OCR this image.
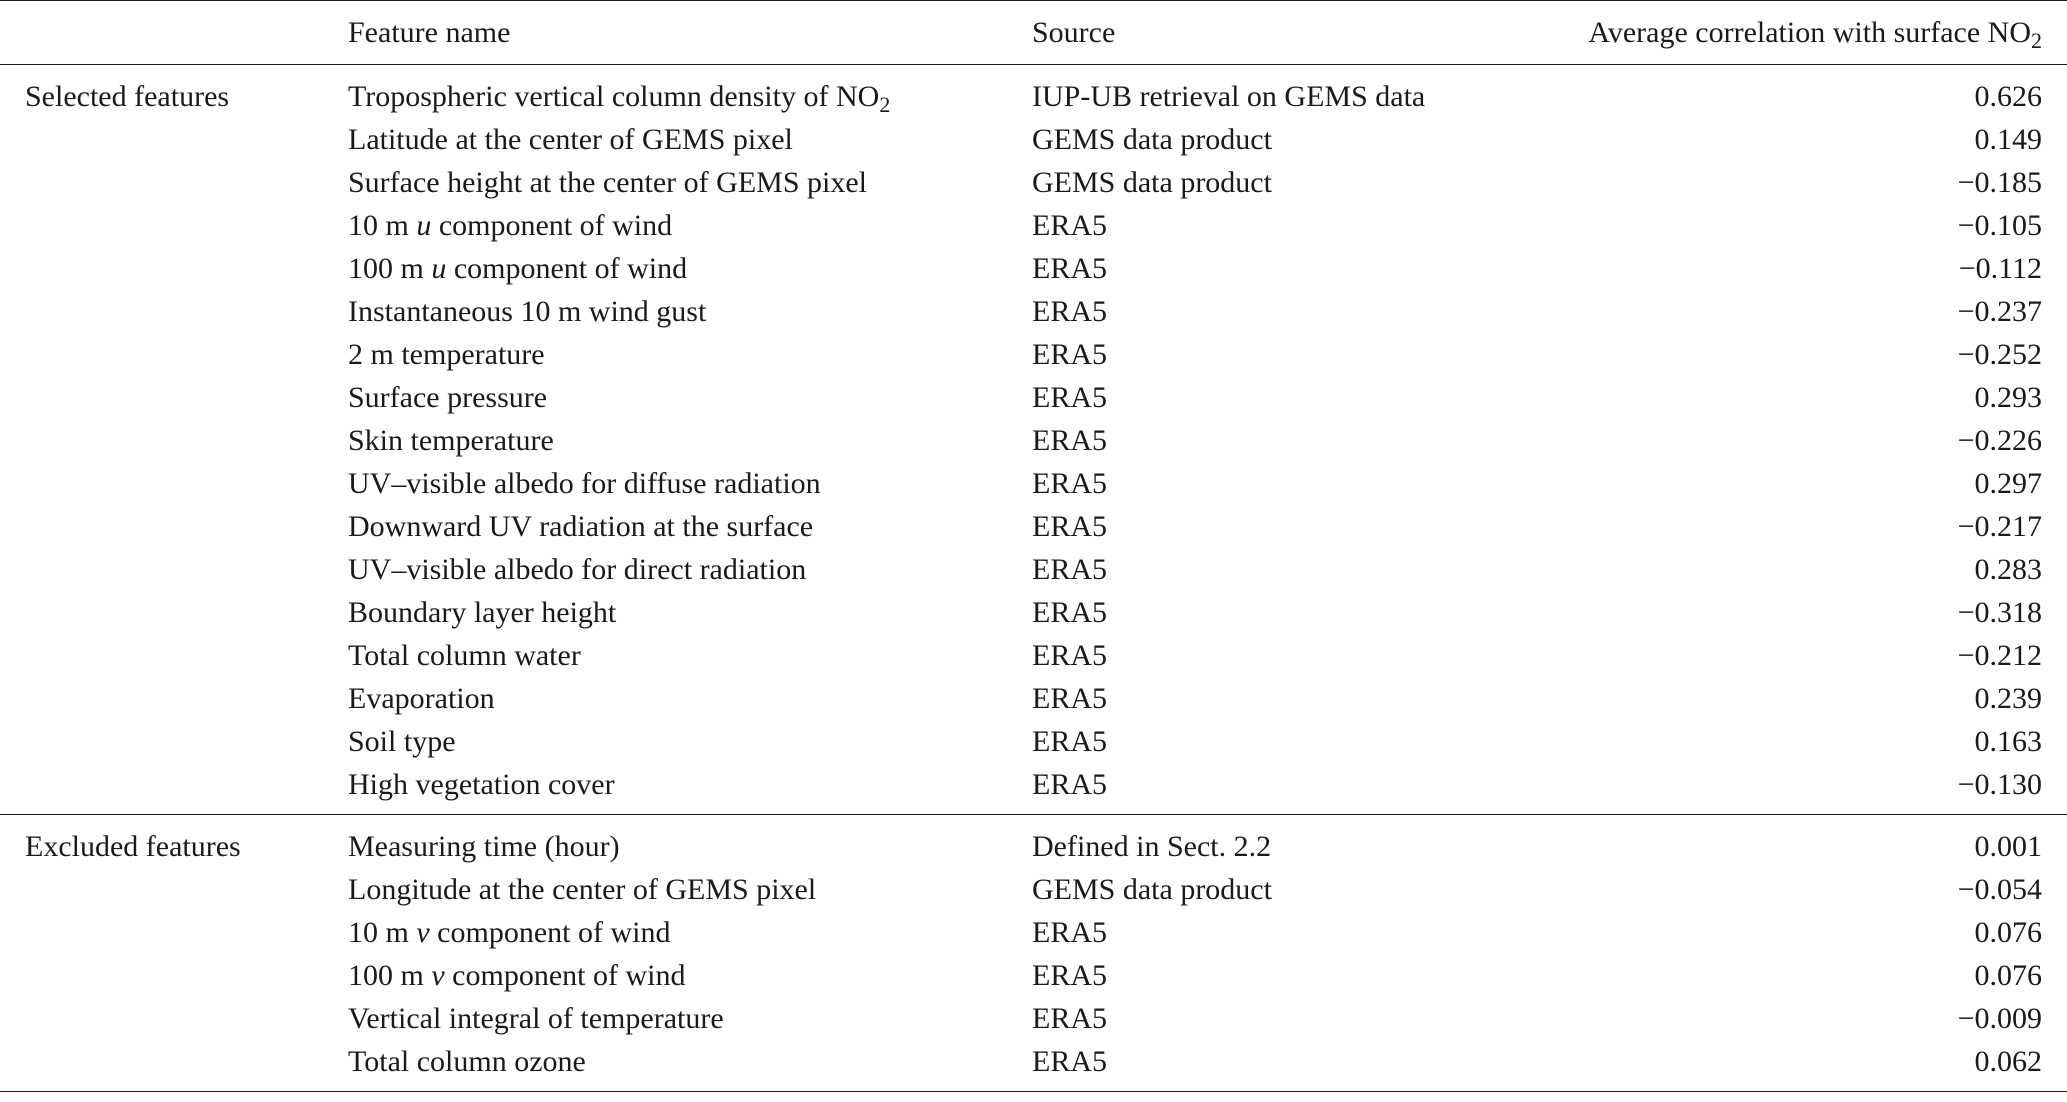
	Feature name	Source	Average correlation with surface $NO_2$
Selected features	Tropospheric vertical column density of $NO_2$	IUP-UB retrieval on GEMS data	0.626
	Latitude at the center of GEMS pixel	GEMS data product	0.149
	Surface height at the center of GEMS pixel	GEMS data product	−0.185
	10 m u component of wind	ERA5	−0.105
	100 m u component of wind	ERA5	−0.112
	Instantaneous 10 m wind gust	ERA5	−0.237
	2 m temperature	ERA5	−0.252
	Surface pressure	ERA5	0.293
	Skin temperature	ERA5	−0.226
	UV–visible albedo for diffuse radiation	ERA5	0.297
	Downward UV radiation at the surface	ERA5	−0.217
	UV–visible albedo for direct radiation	ERA5	0.283
	Boundary layer height	ERA5	−0.318
	Total column water	ERA5	−0.212
	Evaporation	ERA5	0.239
	Soil type	ERA5	0.163
	High vegetation cover	ERA5	−0.130
Excluded features	Measuring time (hour)	Defined in Sect. 2.2	0.001
	Longitude at the center of GEMS pixel	GEMS data product	−0.054
	10 m v component of wind	ERA5	0.076
	100 m v component of wind	ERA5	0.076
	Vertical integral of temperature	ERA5	−0.009
	Total column ozone	ERA5	0.062
